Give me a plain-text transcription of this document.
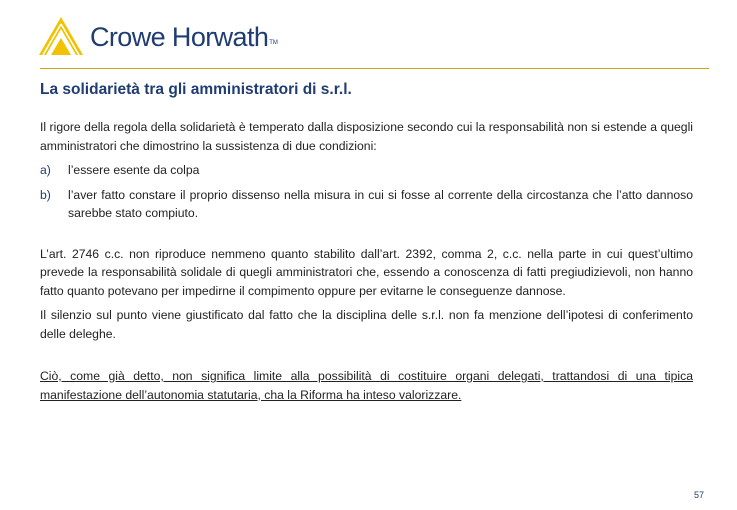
Crowe Horwath TM
La solidarietà tra gli amministratori di s.r.l.

Il rigore della regola della solidarietà è temperato dalla disposizione secondo cui la responsabilità non si estende a quegli amministratori che dimostrino la sussistenza di due condizioni:

a)	l’essere esente da colpa
b)	l’aver fatto constare il proprio dissenso nella misura in cui si fosse al corrente della circostanza che l’atto dannoso sarebbe stato compiuto.

L’art. 2746 c.c. non riproduce nemmeno quanto stabilito dall’art. 2392, comma 2, c.c. nella parte in cui quest’ultimo prevede la responsabilità solidale di quegli amministratori che, essendo a conoscenza di fatti pregiudizievoli, non hanno fatto quanto potevano per impedirne il compimento oppure per evitarne le conseguenze dannose.

Il silenzio sul punto viene giustificato dal fatto che la disciplina delle s.r.l. non fa menzione dell’ipotesi di conferimento delle deleghe.

Ciò, come già detto, non significa limite alla possibilità di costituire organi delegati, trattandosi di una tipica manifestazione dell’autonomia statutaria, cha la Riforma ha inteso valorizzare.

57
